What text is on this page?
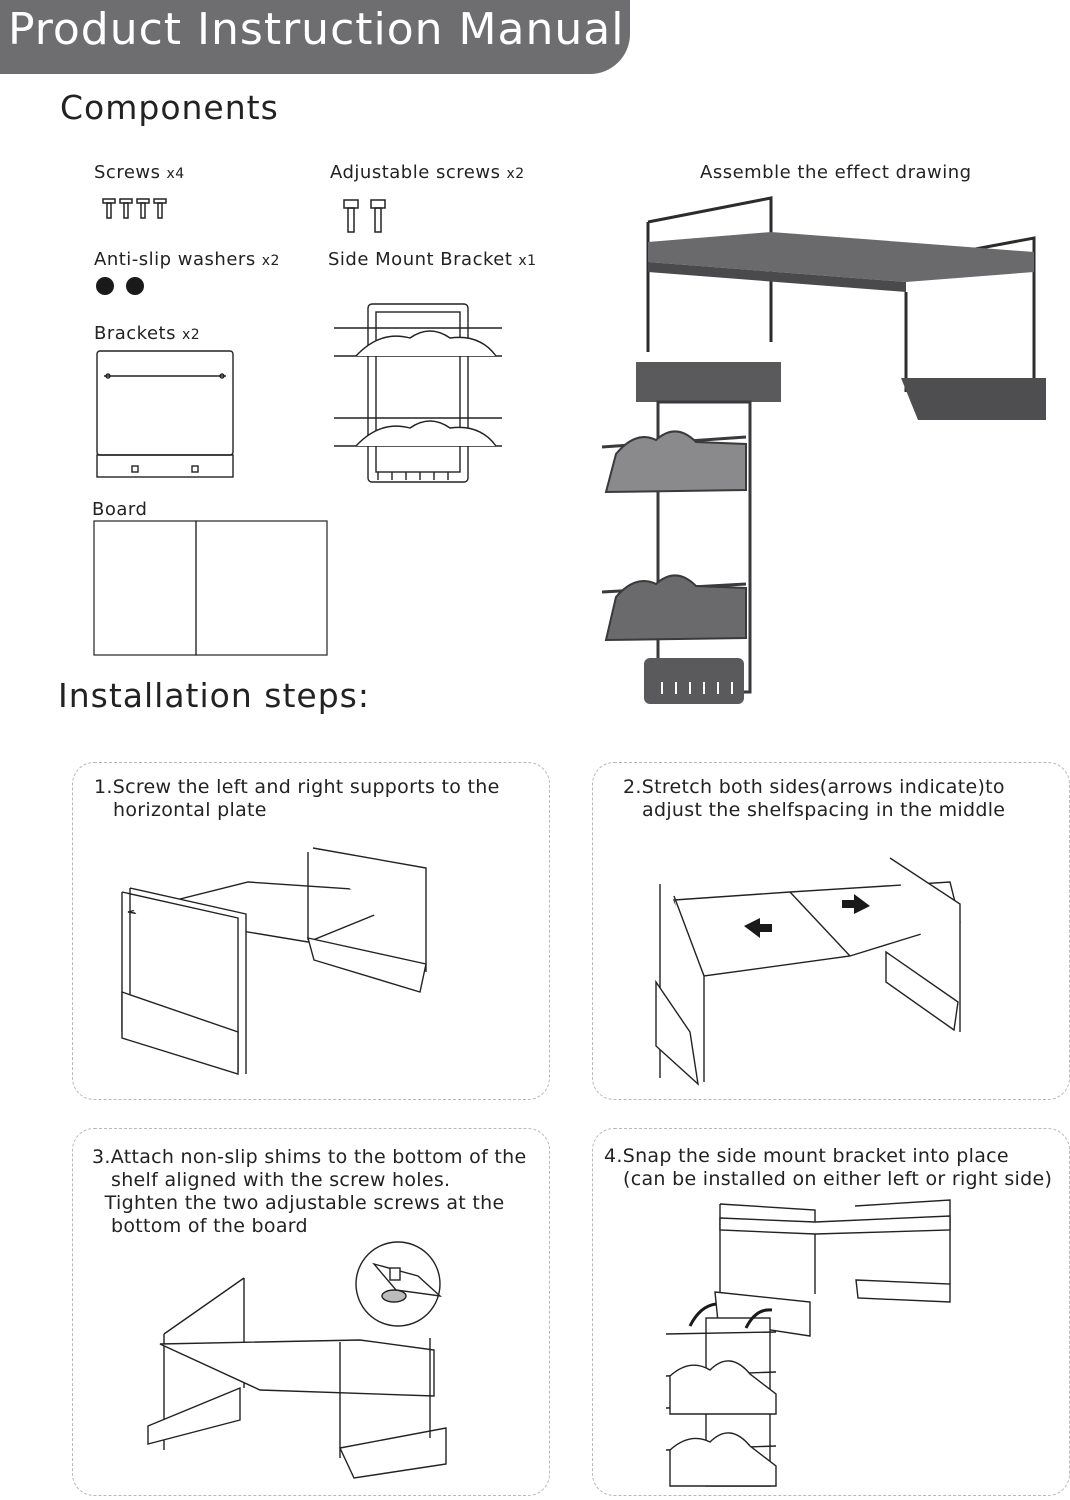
Product Instruction Manual
Components
Screws x4	Adjustable screws x2
Anti-slip washers x2	Side Mount Bracket x1
Brackets x2
Board
Assemble the effect drawing
Installation steps:
1.Screw the left and right supports to the
horizontal plate
2.Stretch both sides(arrows indicate)to
adjust the shelfspacing in the middle
3.Attach non-slip shims to the bottom of the
shelf aligned with the screw holes.
Tighten the two adjustable screws at the
bottom of the board
4.Snap the side mount bracket into place
(can be installed on either left or right side)
